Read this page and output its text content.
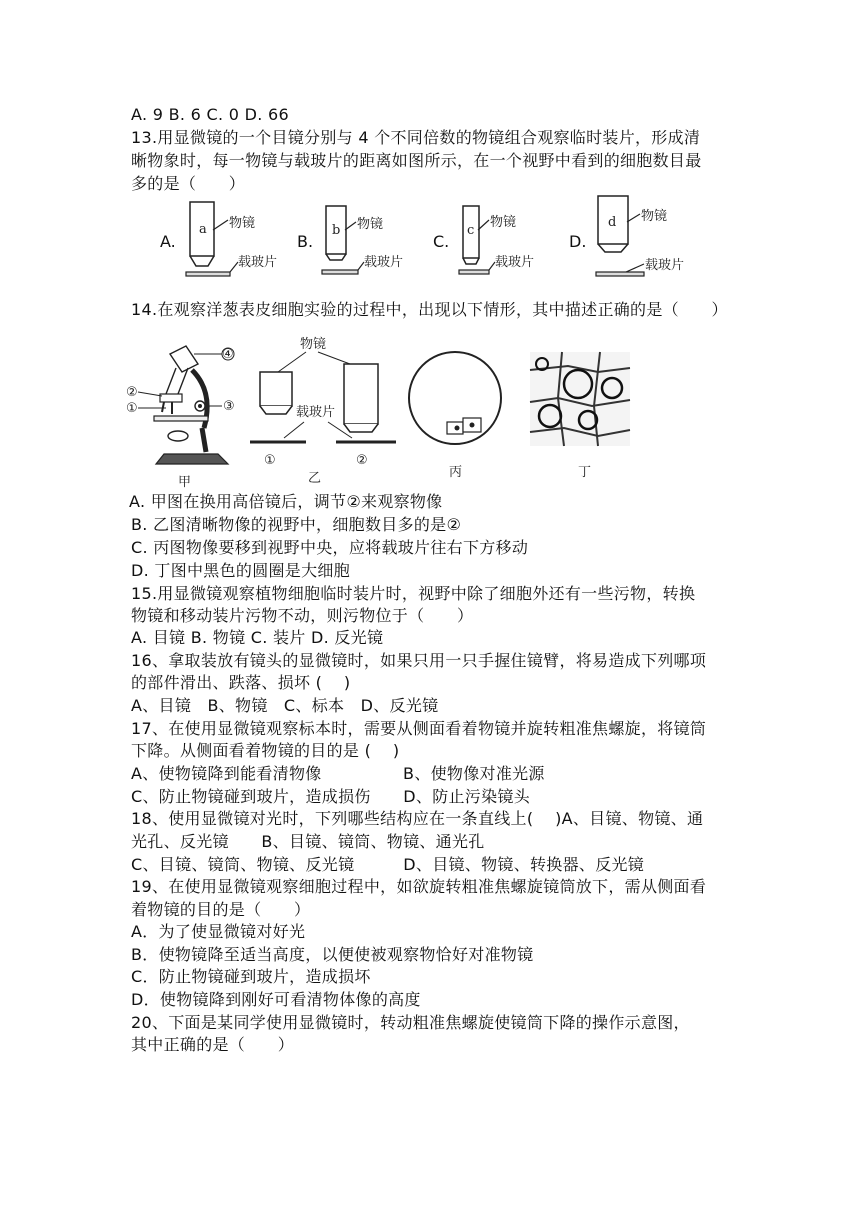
A. 9 B. 6 C. 0 D. 66
13.用显微镜的一个目镜分别与 4 个不同倍数的物镜组合观察临时装片，形成清
晰物象时，每一物镜与载玻片的距离如图所示，在一个视野中看到的细胞数目最
多的是（　　）
A.
a 物镜
载玻片
B.
b 物镜
载玻片
C.
c
物镜
载玻片
D.
d 物镜
载玻片
14.在观察洋葱表皮细胞实验的过程中，出现以下情形，其中描述正确的是（　　）
④
②
①	③
甲
物镜
载玻片
①	②
乙	丙	丁
A. 甲图在换用高倍镜后，调节②来观察物像
B. 乙图清晰物像的视野中，细胞数目多的是②
C. 丙图物像要移到视野中央，应将载玻片往右下方移动
D. 丁图中黑色的圆圈是大细胞
15.用显微镜观察植物细胞临时装片时，视野中除了细胞外还有一些污物，转换
物镜和移动装片污物不动，则污物位于（　　）
A. 目镜 B. 物镜 C. 装片 D. 反光镜
16、拿取装放有镜头的显微镜时，如果只用一只手握住镜臂，将易造成下列哪项
的部件滑出、跌落、损坏 (　 )
A、目镜　B、物镜　C、标本　D、反光镜
17、在使用显微镜观察标本时，需要从侧面看着物镜并旋转粗准焦螺旋，将镜筒
下降。从侧面看着物镜的目的是 (　 )
A、使物镜降到能看清物像　　　　　B、使物像对准光源
C、防止物镜碰到玻片，造成损伤　　D、防止污染镜头
18、使用显微镜对光时，下列哪些结构应在一条直线上(　 )A、目镜、物镜、通
光孔、反光镜　　B、目镜、镜筒、物镜、通光孔
C、目镜、镜筒、物镜、反光镜　　　D、目镜、物镜、转换器、反光镜
19、在使用显微镜观察细胞过程中，如欲旋转粗准焦螺旋镜筒放下，需从侧面看
着物镜的目的是（　　）
A．为了使显微镜对好光
B．使物镜降至适当高度，以便使被观察物恰好对准物镜
C．防止物镜碰到玻片，造成损坏
D．使物镜降到刚好可看清物体像的高度
20、下面是某同学使用显微镜时，转动粗准焦螺旋使镜筒下降的操作示意图，
其中正确的是（　　）
